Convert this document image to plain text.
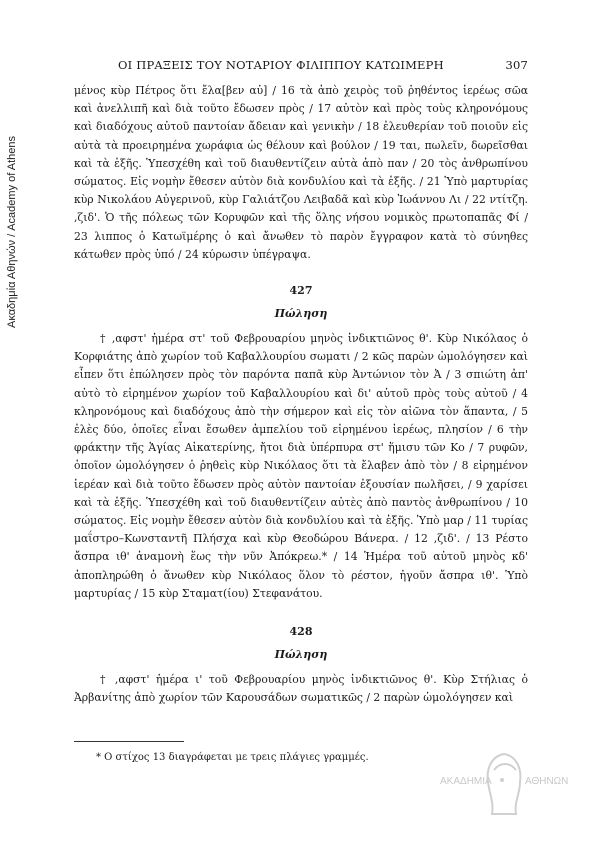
Ακαδημία Αθηνών / Academy of Athens
ΟΙ ΠΡΑΞΕΙΣ ΤΟΥ ΝΟΤΑΡΙΟΥ ΦΙΛΙΠΠΟΥ ΚΑΤΩΙΜΕΡΗ	307

μένος κὺρ Πέτρος ὅτι ἔλα[βεν αὐ] / 16 τὰ ἀπὸ χειρὸς τοῦ ῥηθέντος ἱερέως σῶα καὶ ἀνελλιπῆ καὶ διὰ τοῦτο ἔδωσεν πρὸς / 17 αὐτὸν καὶ πρὸς τοὺς κληρονόμους καὶ διαδόχους αὐτοῦ παντοίαν ἄδειαν καὶ γενικὴν / 18 ἐλευθερίαν τοῦ ποιοῦν εἰς αὐτὰ τὰ προειρημένα χωράφια ὡς θέλουν καὶ βούλον / 19 ται, πωλεῖν, δωρεῖσθαι καὶ τὰ ἑξῆς. Ὑπεσχέθη καὶ τοῦ διαυθεντίζειν αὐτὰ ἀπὸ παν / 20 τὸς ἀνθρωπίνου σώματος. Εἰς νομὴν ἔθεσεν αὐτὸν διὰ κονδυλίου καὶ τὰ ἑξῆς. / 21 Ὑπὸ μαρτυρίας κὺρ Νικολάου Αὐγερινοῦ, κὺρ Γαλιάτζου Λειβαδᾶ καὶ κὺρ Ἰωάννου Λι / 22 ντίτζη. ,ζιδ'. Ὁ τῆς πόλεως τῶν Κορυφῶν καὶ τῆς ὅλης νήσου νομικὸς πρωτοπαπᾶς Φί / 23 λιππος ὁ Κατωϊμέρης ὁ καὶ ἄνωθεν τὸ παρὸν ἔγγραφον κατὰ τὸ σύνηθες κάτωθεν πρὸς ὑπό / 24 κύρωσιν ὑπέγραψα.

427
Πώληση

† ,αφστ' ἡμέρα στ' τοῦ Φεβρουαρίου μηνὸς ἰνδικτιῶνος θ'. Κὺρ Νικόλαος ὁ Κορφιάτης ἀπὸ χωρίον τοῦ Καβαλλουρίου σωματι / 2 κῶς παρὼν ὡμολόγησεν καὶ εἶπεν ὅτι ἐπώλησεν πρὸς τὸν παρόντα παπᾶ κὺρ Ἀντώνιον τὸν Ἀ / 3 σπιώτη ἀπ' αὐτὸ τὸ εἰρημένον χωρίον τοῦ Καβαλλουρίου καὶ δι' αὐτοῦ πρὸς τοὺς αὐτοῦ / 4 κληρονόμους καὶ διαδόχους ἀπὸ τὴν σήμερον καὶ εἰς τὸν αἰῶνα τὸν ἅπαντα, / 5 ἐλὲς δύο, ὁποῖες εἶναι ἔσωθεν ἀμπελίου τοῦ εἰρημένου ἱερέως, πλησίον / 6 τὴν φράκτην τῆς Ἁγίας Αἰκατερίνης, ἤτοι διὰ ὑπέρπυρα στ' ἥμισυ τῶν Κο / 7 ρυφῶν, ὁποῖον ὡμολόγησεν ὁ ῥηθεὶς κὺρ Νικόλαος ὅτι τὰ ἔλαβεν ἀπὸ τὸν / 8 εἰρημένον ἱερέαν καὶ διὰ τοῦτο ἔδωσεν πρὸς αὐτὸν παντοίαν ἐξουσίαν πωλῆσει, / 9 χαρίσει καὶ τὰ ἑξῆς. Ὑπεσχέθη καὶ τοῦ διαυθεντίζειν αὐτὲς ἀπὸ παντὸς ἀνθρωπίνου / 10 σώματος. Εἰς νομὴν ἔθεσεν αὐτὸν διὰ κονδυλίου καὶ τὰ ἑξῆς. Ὑπὸ μαρ / 11 τυρίας μαΐστρο–Κωνσταντῆ Πλήσχα καὶ κὺρ Θεοδώρου Βάνερα. / 12 ,ζιδ'. / 13 Ρέστο ἄσπρα ιθ' ἀναμονὴ ἕως τὴν νῦν Ἀπόκρεω.* / 14 Ἡμέρα τοῦ αὐτοῦ μηνὸς κδ' ἀποπληρώθη ὁ ἄνωθεν κὺρ Νικόλαος ὅλον τὸ ρέστον, ἠγοῦν ἄσπρα ιθ'. Ὑπὸ μαρτυρίας / 15 κὺρ Σταματ(ίου) Στεφανάτου.

428
Πώληση

† ,αφστ' ἡμέρα ι' τοῦ Φεβρουαρίου μηνὸς ἰνδικτιῶνος θ'. Κὺρ Στήλιας ὁ Ἀρβανίτης ἀπὸ χωρίον τῶν Καρουσάδων σωματικῶς / 2 παρὼν ὡμολόγησεν καὶ

* Ο στίχος 13 διαγράφεται με τρεις πλάγιες γραμμές.
ΑΚΑΔΗΜΙΑ	ΑΘΗΝΩΝ
